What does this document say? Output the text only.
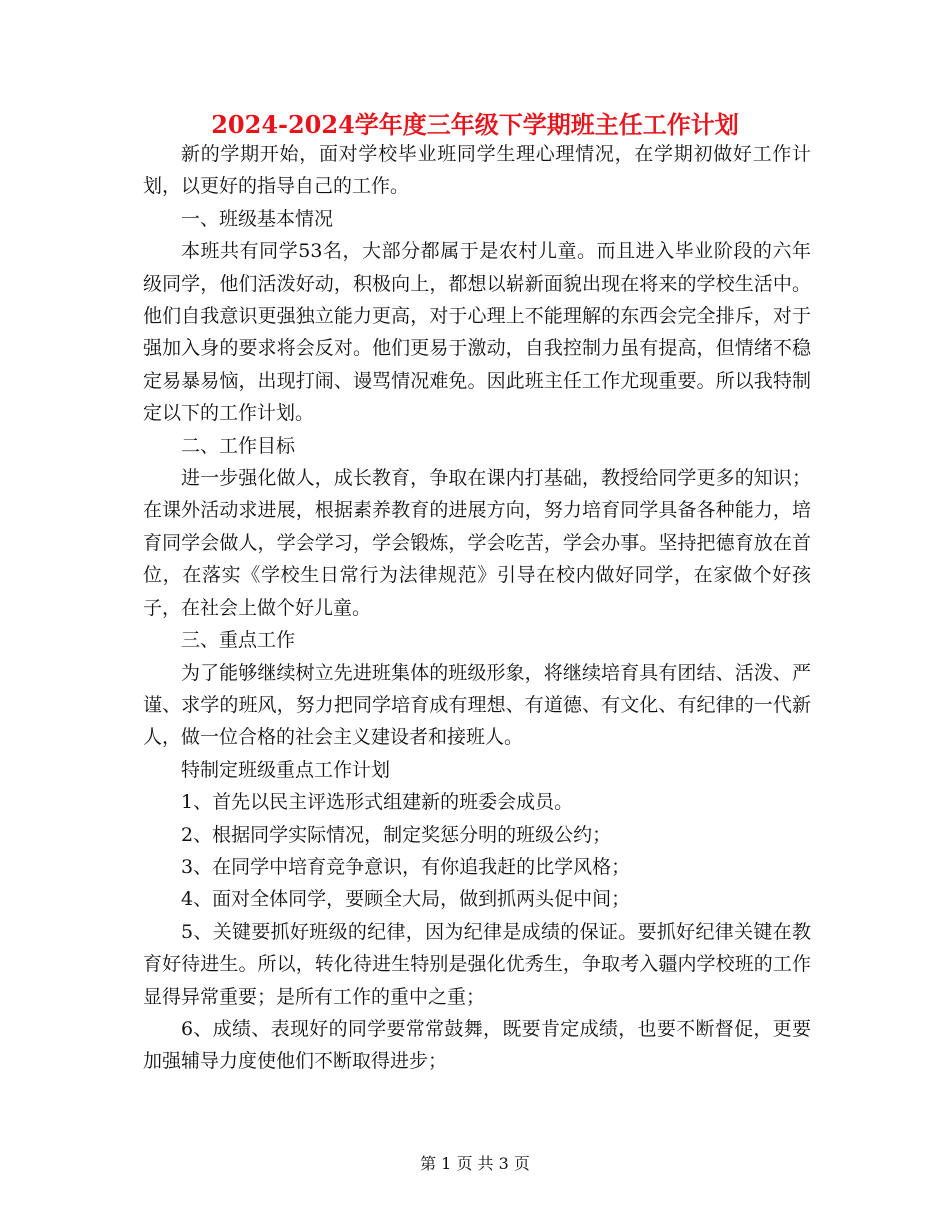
2024-2024学年度三年级下学期班主任工作计划

新的学期开始，面对学校毕业班同学生理心理情况，在学期初做好工作计划，以更好的指导自己的工作。

一、班级基本情况

本班共有同学53名，大部分都属于是农村儿童。而且进入毕业阶段的六年级同学，他们活泼好动，积极向上，都想以崭新面貌出现在将来的学校生活中。他们自我意识更强独立能力更高，对于心理上不能理解的东西会完全排斥，对于强加入身的要求将会反对。他们更易于激动，自我控制力虽有提高，但情绪不稳定易暴易恼，出现打闹、谩骂情况难免。因此班主任工作尤现重要。所以我特制定以下的工作计划。

二、工作目标

进一步强化做人，成长教育，争取在课内打基础，教授给同学更多的知识；在课外活动求进展，根据素养教育的进展方向，努力培育同学具备各种能力，培育同学会做人，学会学习，学会锻炼，学会吃苦，学会办事。坚持把德育放在首位，在落实《学校生日常行为法律规范》引导在校内做好同学，在家做个好孩子，在社会上做个好儿童。

三、重点工作

为了能够继续树立先进班集体的班级形象，将继续培育具有团结、活泼、严谨、求学的班风，努力把同学培育成有理想、有道德、有文化、有纪律的一代新人，做一位合格的社会主义建设者和接班人。

特制定班级重点工作计划

1、首先以民主评选形式组建新的班委会成员。

2、根据同学实际情况，制定奖惩分明的班级公约；

3、在同学中培育竞争意识，有你追我赶的比学风格；

4、面对全体同学，要顾全大局，做到抓两头促中间；

5、关键要抓好班级的纪律，因为纪律是成绩的保证。要抓好纪律关键在教育好待进生。所以，转化待进生特别是强化优秀生，争取考入疆内学校班的工作显得异常重要；是所有工作的重中之重；

6、成绩、表现好的同学要常常鼓舞，既要肯定成绩，也要不断督促，更要加强辅导力度使他们不断取得进步；

第 1 页 共 3 页
